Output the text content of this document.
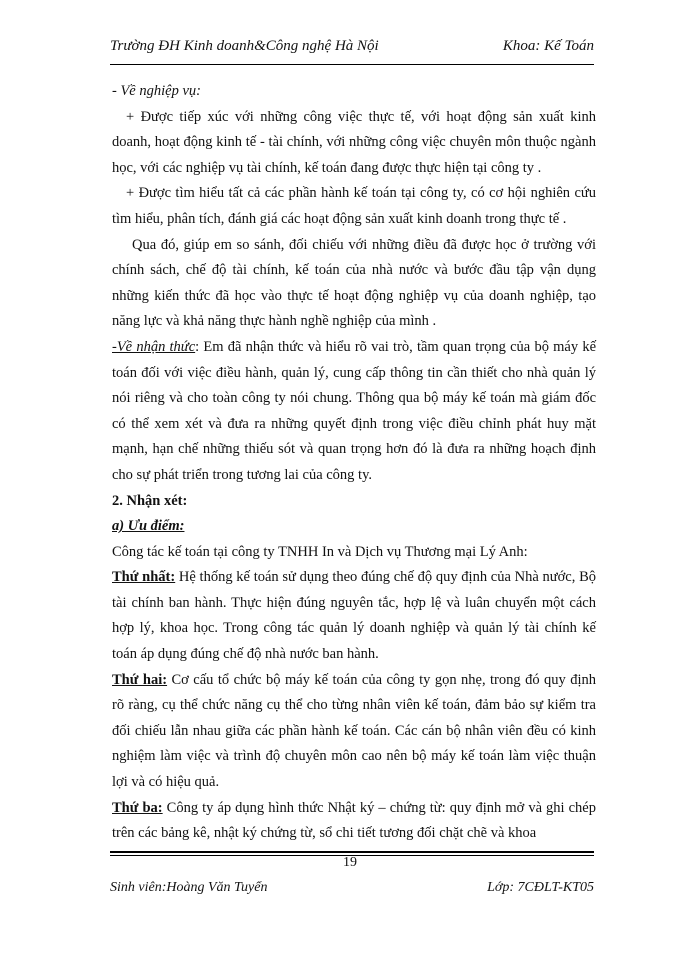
Trường ĐH Kinh doanh&Công nghệ Hà Nội	Khoa: Kế Toán

- Về nghiệp vụ:

+ Được tiếp xúc với những công việc thực tế, với hoạt động sản xuất kinh doanh, hoạt động kinh tế - tài chính, với những công việc chuyên môn thuộc ngành học, với các nghiệp vụ tài chính, kế toán đang được thực hiện tại công ty .

+ Được tìm hiểu tất cả các phần hành kế toán tại công ty, có cơ hội nghiên cứu tìm hiểu, phân tích, đánh giá các hoạt động sản xuất kinh doanh trong thực tế .

Qua đó, giúp em so sánh, đối chiếu với những điều đã được học ở trường với chính sách, chế độ tài chính, kế toán của nhà nước và bước đầu tập vận dụng những kiến thức đã học vào thực tế hoạt động nghiệp vụ của doanh nghiệp, tạo năng lực và khả năng thực hành nghề nghiệp của mình .

-Về nhận thức: Em đã nhận thức và hiểu rõ vai trò, tầm quan trọng của bộ máy kế toán đối với việc điều hành, quản lý, cung cấp thông tin cần thiết cho nhà quản lý nói riêng và cho toàn công ty nói chung. Thông qua bộ máy kế toán mà giám đốc có thể xem xét và đưa ra những quyết định trong việc điều chỉnh phát huy mặt mạnh, hạn chế những thiếu sót và quan trọng hơn đó là đưa ra những hoạch định cho sự phát triển trong tương lai của công ty.

2. Nhận xét:

a) Ưu điểm:

Công tác kế toán tại công ty TNHH In và Dịch vụ Thương mại Lý Anh:

Thứ nhất: Hệ thống kế toán sử dụng theo đúng chế độ quy định của Nhà nước, Bộ tài chính ban hành. Thực hiện đúng nguyên tắc, hợp lệ và luân chuyển một cách hợp lý, khoa học. Trong công tác quản lý doanh nghiệp và quản lý tài chính kế toán áp dụng đúng chế độ nhà nước ban hành.

Thứ hai: Cơ cấu tổ chức bộ máy kế toán của công ty gọn nhẹ, trong đó quy định rõ ràng, cụ thể chức năng cụ thể cho từng nhân viên kế toán, đảm bảo sự kiểm tra đối chiếu lẫn nhau giữa các phần hành kế toán. Các cán bộ nhân viên đều có kinh nghiệm làm việc và trình độ chuyên môn cao nên bộ máy kế toán làm việc thuận lợi và có hiệu quả.

Thứ ba: Công ty áp dụng hình thức Nhật ký – chứng từ: quy định mở và ghi chép trên các bảng kê, nhật ký chứng từ, sổ chi tiết tương đối chặt chẽ và khoa

19
Sinh viên:Hoàng Văn Tuyển	Lớp: 7CĐLT-KT05
